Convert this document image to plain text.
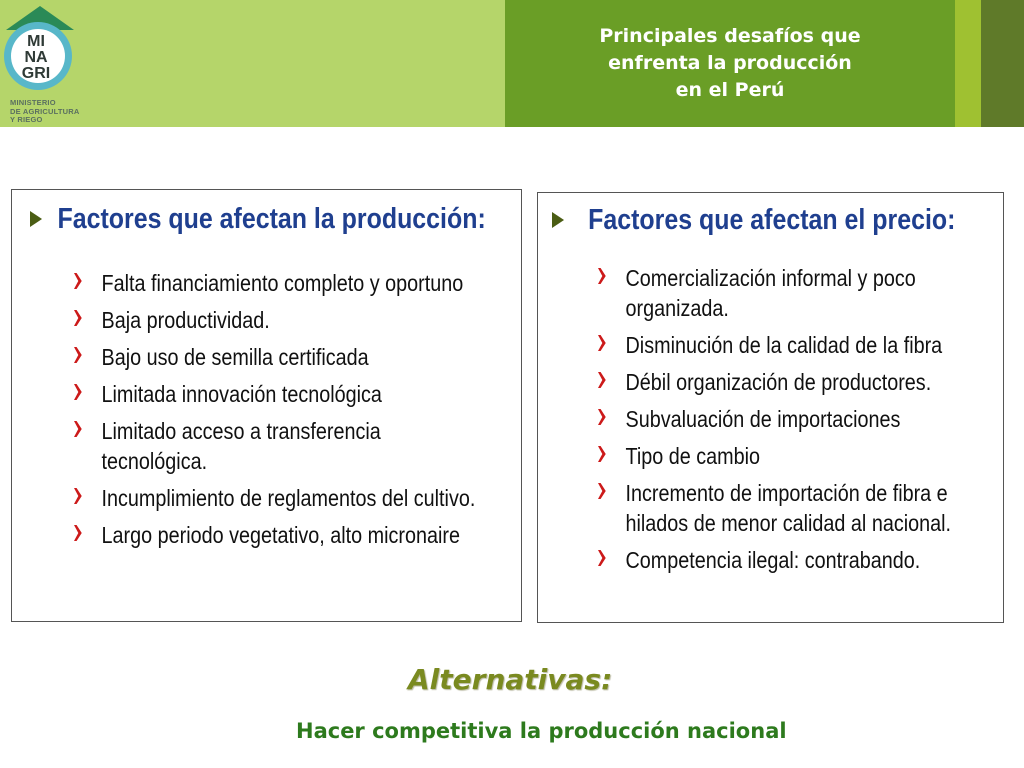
MI
NA
GRI
MINISTERIO
DE AGRICULTURA
Y RIEGO

Principales desafíos que
enfrenta la producción
en el Perú

Factores que afectan la producción:
Falta financiamiento completo y oportuno
Baja productividad.
Bajo uso de semilla certificada
Limitada innovación tecnológica
Limitado acceso a transferencia tecnológica.
Incumplimiento de reglamentos del cultivo.
Largo periodo vegetativo, alto micronaire
Factores que afectan el precio:
Comercialización informal y poco organizada.
Disminución de la calidad de la fibra
Débil organización de productores.
Subvaluación de importaciones
Tipo de cambio
Incremento de importación de fibra e hilados de menor calidad al nacional.
Competencia ilegal: contrabando.

Alternativas:

Hacer competitiva la producción nacional
